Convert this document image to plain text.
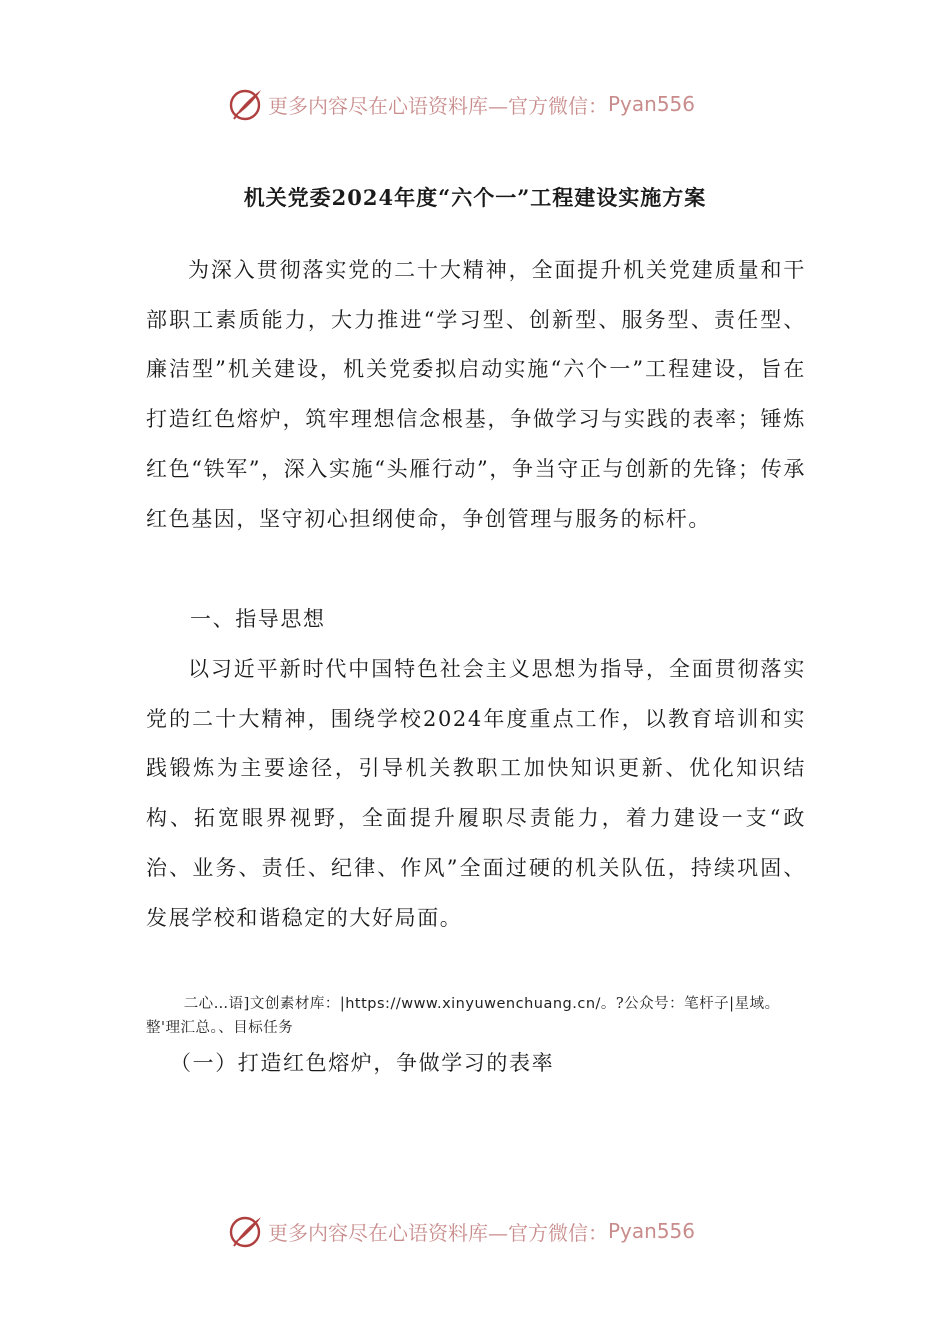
更多内容尽在心语资料库—官方微信： Pyan556
机关党委2024年度“六个一”工程建设实施方案

为深入贯彻落实党的二十大精神，全面提升机关党建质量和干部职工素质能力，大力推进“学习型、创新型、服务型、责任型、廉洁型”机关建设，机关党委拟启动实施“六个一”工程建设，旨在打造红色熔炉，筑牢理想信念根基，争做学习与实践的表率；锤炼红色“铁军”，深入实施“头雁行动”，争当守正与创新的先锋；传承红色基因，坚守初心担纲使命，争创管理与服务的标杆。

一、指导思想

以习近平新时代中国特色社会主义思想为指导，全面贯彻落实党的二十大精神，围绕学校2024年度重点工作，以教育培训和实践锻炼为主要途径，引导机关教职工加快知识更新、优化知识结构、拓宽眼界视野，全面提升履职尽责能力，着力建设一支“政治、业务、责任、纪律、作风”全面过硬的机关队伍，持续巩固、发展学校和谐稳定的大好局面。

二心…语]文创素材库：|https://www.xinyuwenchuang.cn/。?公众号：笔杆子|星域。整'理汇总。、目标任务

（一）打造红色熔炉，争做学习的表率
更多内容尽在心语资料库—官方微信： Pyan556
